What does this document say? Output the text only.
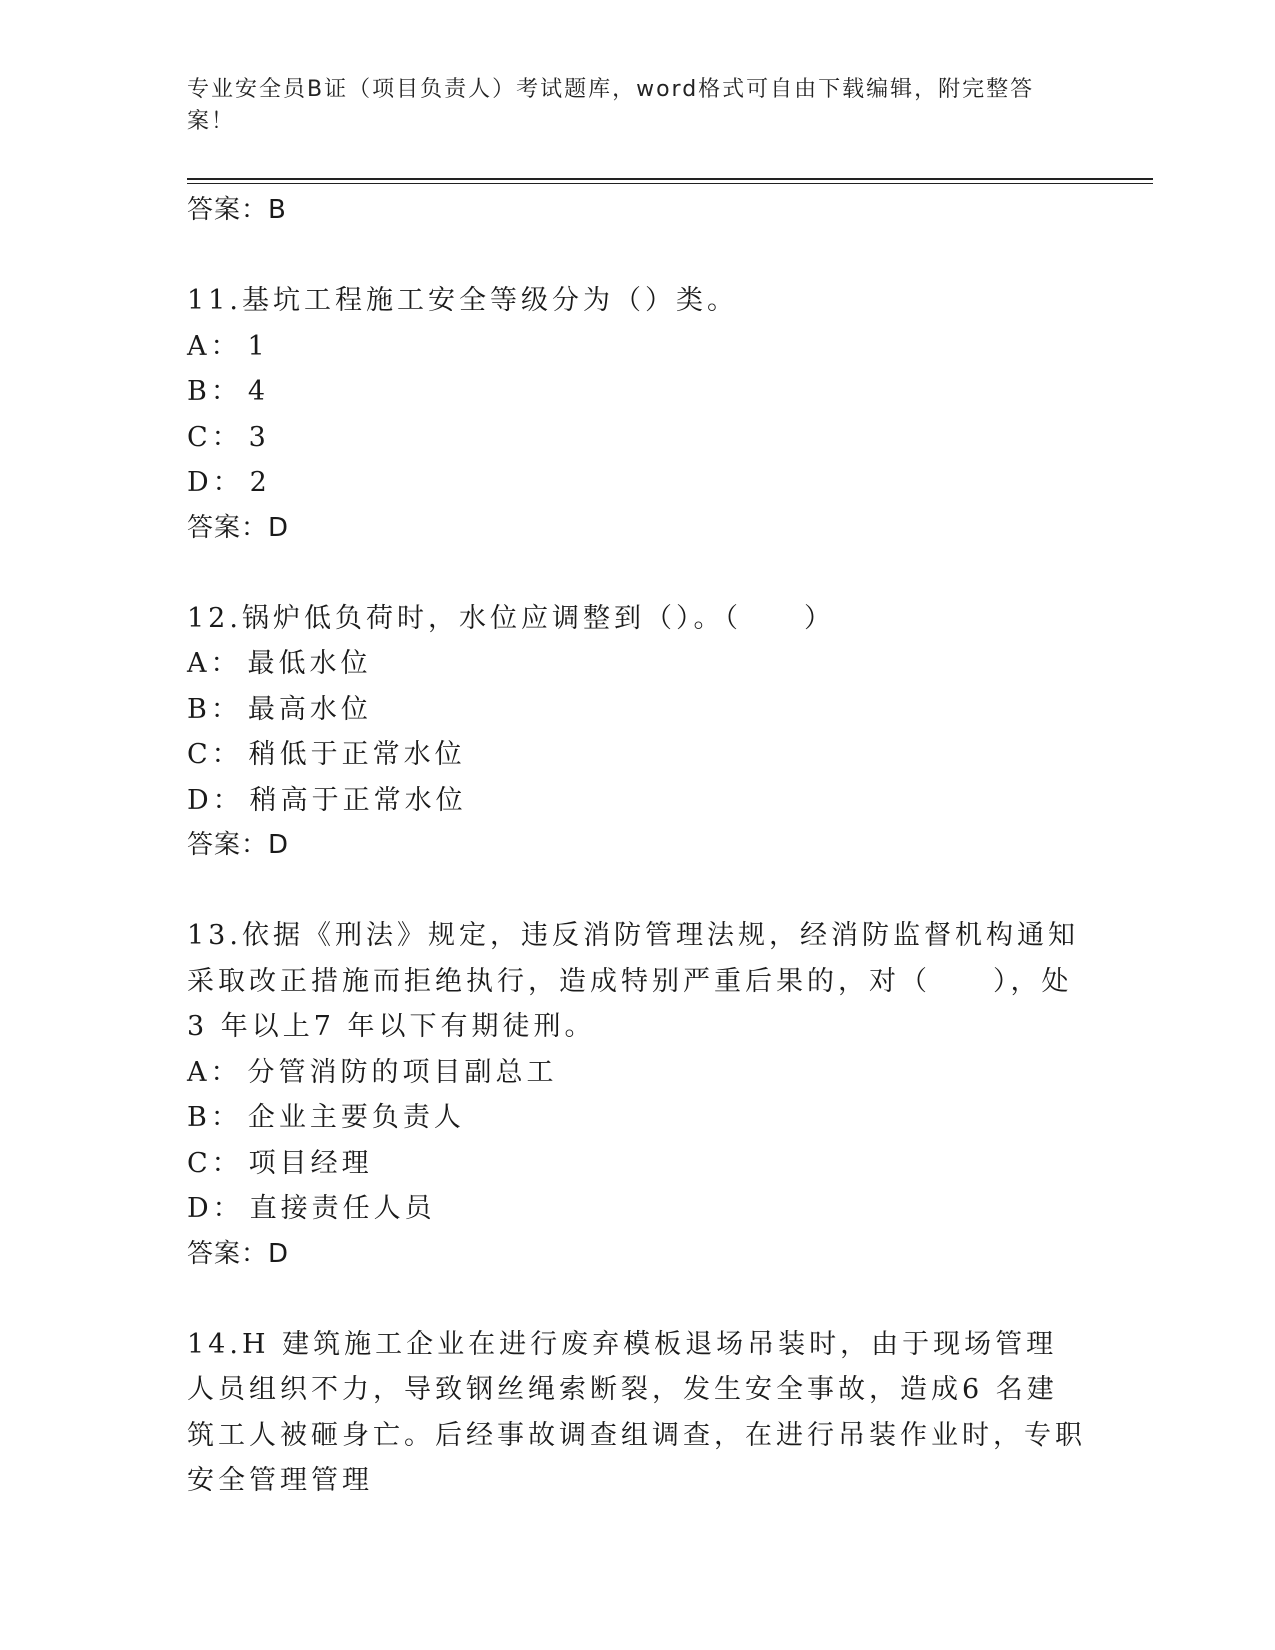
专业安全员B证（项目负责人）考试题库，word格式可自由下载编辑，附完整答案！

答案：B

11.基坑工程施工安全等级分为（）类。

A： 1

B： 4

C： 3

D： 2

答案：D

12.锅炉低负荷时，水位应调整到（）。（　　）

A： 最低水位

B： 最高水位

C： 稍低于正常水位

D： 稍高于正常水位

答案：D

13.依据《刑法》规定，违反消防管理法规，经消防监督机构通知采取改正措施而拒绝执行，造成特别严重后果的，对（　　），处3 年以上7 年以下有期徒刑。

A： 分管消防的项目副总工

B： 企业主要负责人

C： 项目经理

D： 直接责任人员

答案：D

14.H 建筑施工企业在进行废弃模板退场吊装时，由于现场管理人员组织不力，导致钢丝绳索断裂，发生安全事故，造成6 名建筑工人被砸身亡。后经事故调查组调查，在进行吊装作业时，专职安全管理管理
